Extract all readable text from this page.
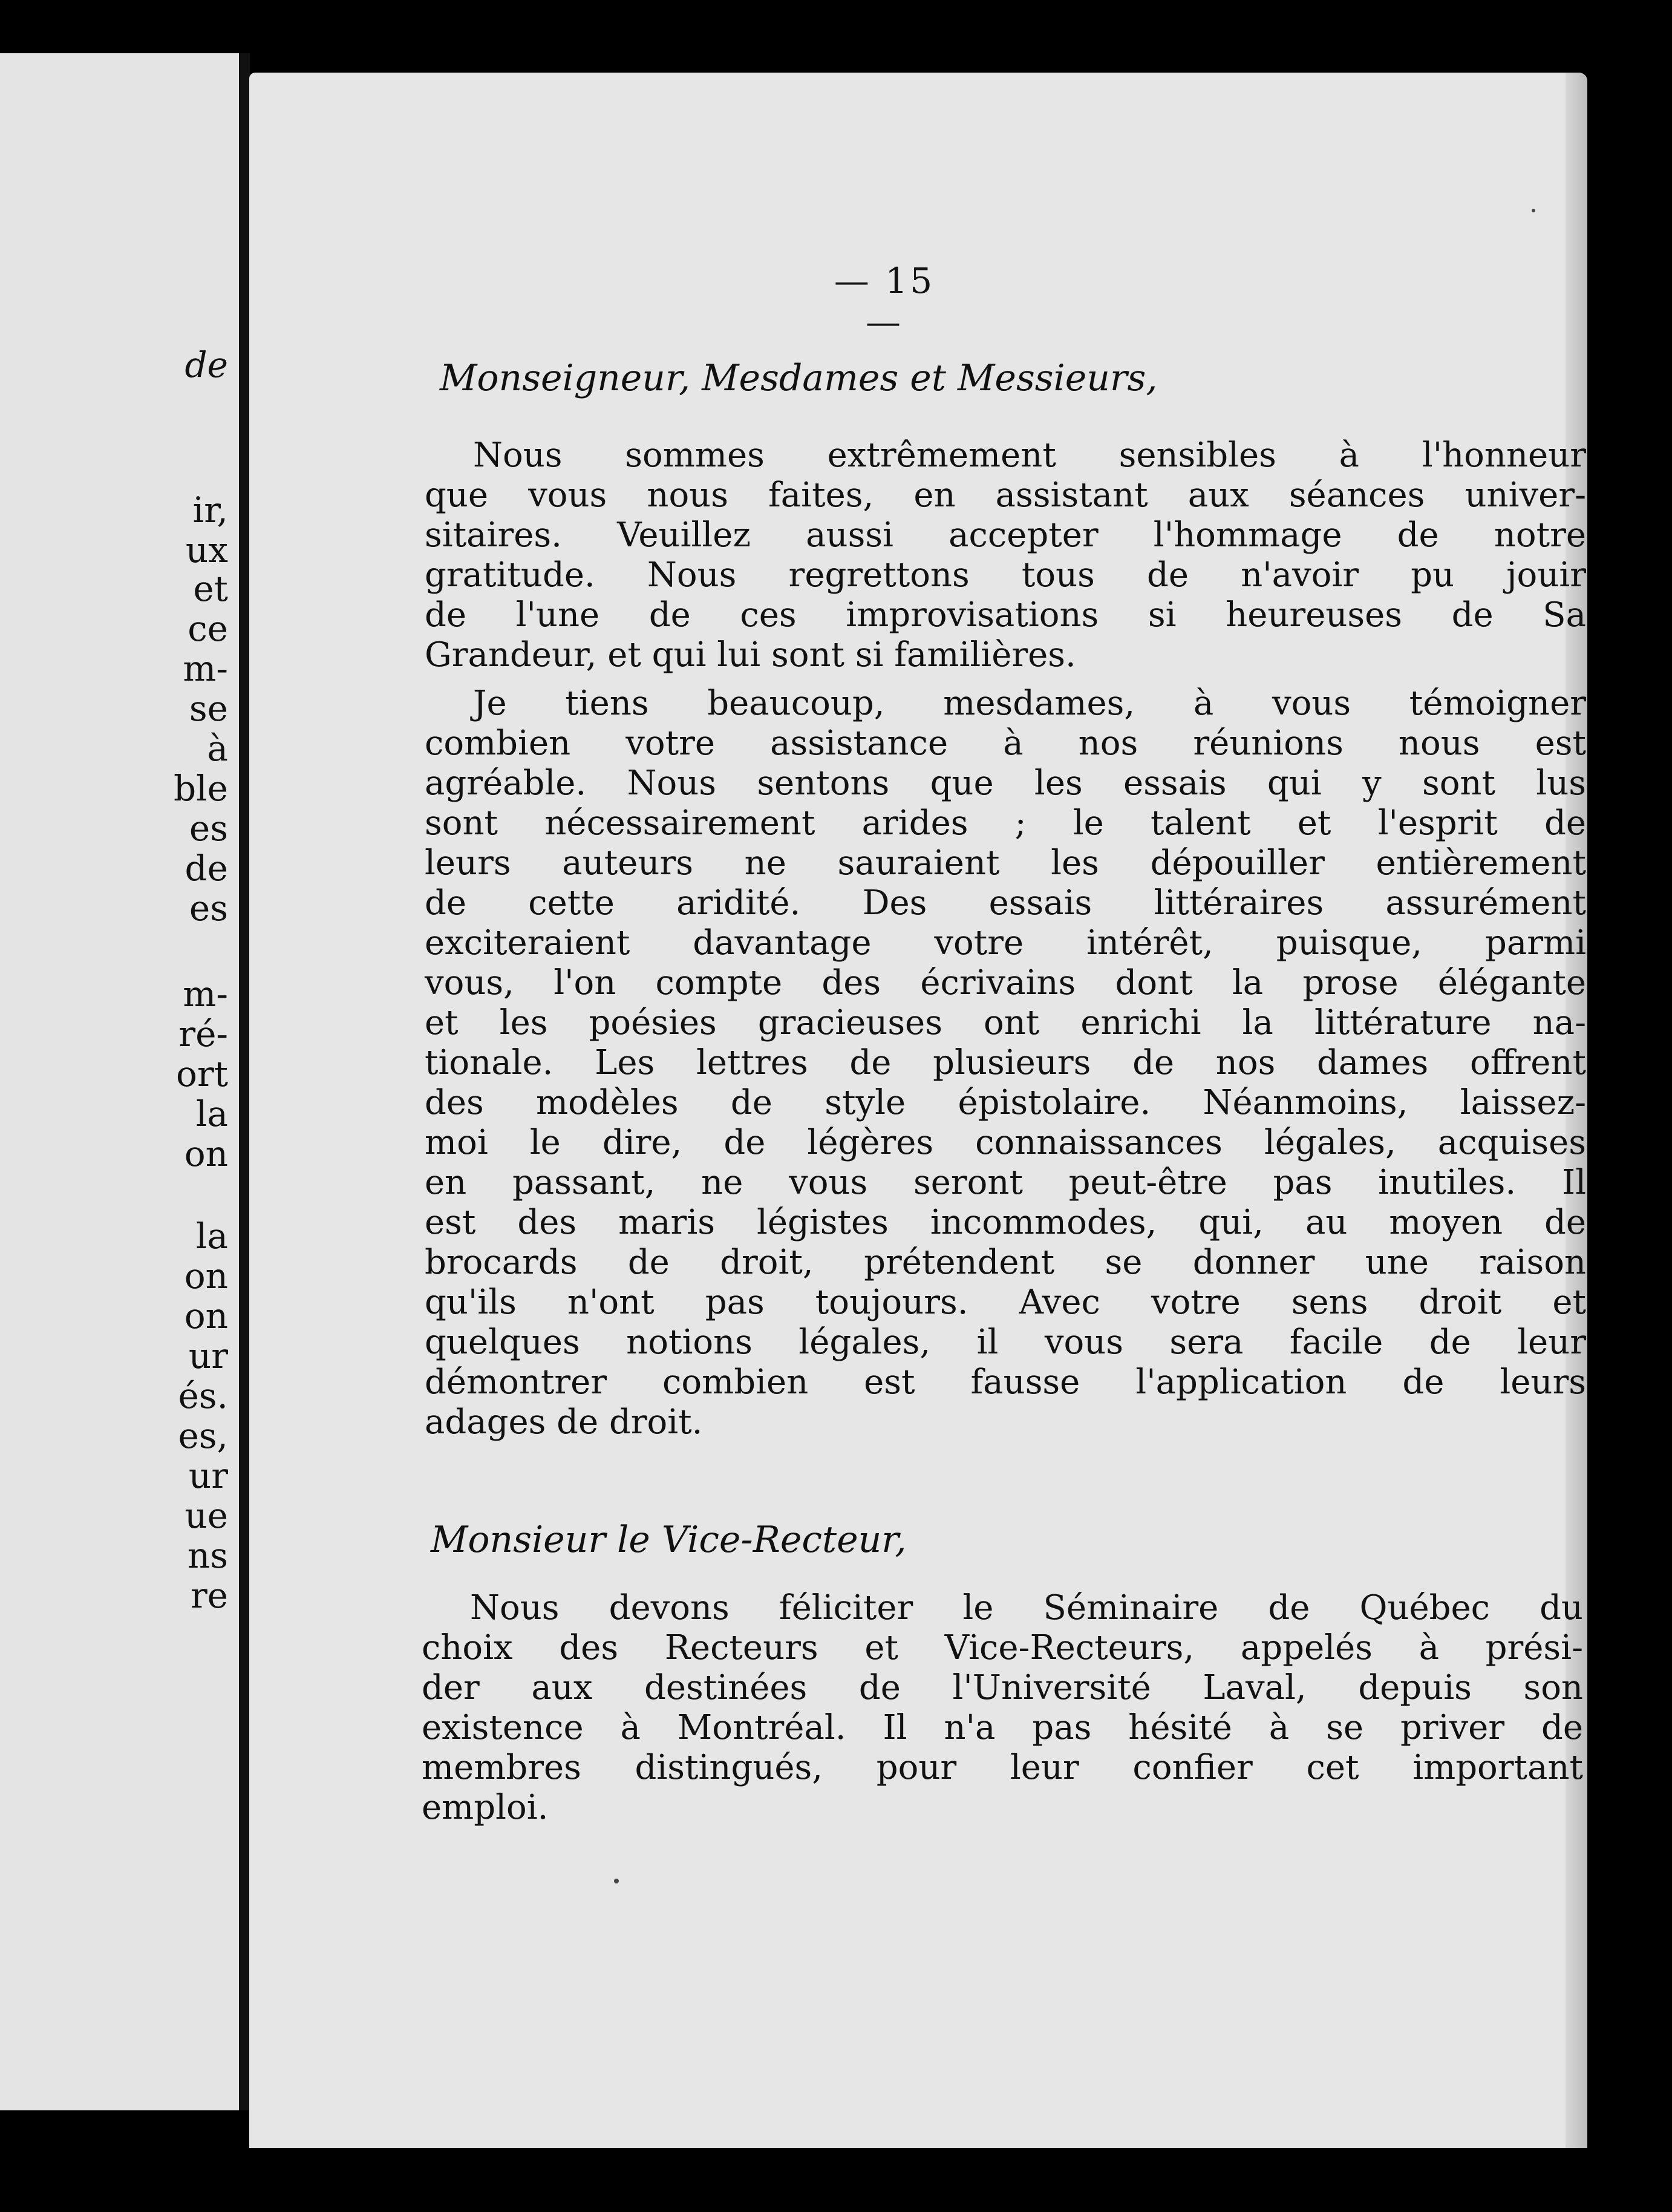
de
ir,
ux
et
ce
m-
se
à
ble
es
de
es
m-
ré-
ort
la
on
la
on
on
ur
és.
es,
ur
ue
ns
re
— 15 —
Monseigneur, Mesdames et Messieurs,
Nous sommes extrêmement sensibles à l'honneur
que vous nous faites, en assistant aux séances univer-
sitaires. Veuillez aussi accepter l'hommage de notre
gratitude. Nous regrettons tous de n'avoir pu jouir
de l'une de ces improvisations si heureuses de Sa
Grandeur, et qui lui sont si familières.
Je tiens beaucoup, mesdames, à vous témoigner
combien votre assistance à nos réunions nous est
agréable. Nous sentons que les essais qui y sont lus
sont nécessairement arides ; le talent et l'esprit de
leurs auteurs ne sauraient les dépouiller entièrement
de cette aridité. Des essais littéraires assurément
exciteraient davantage votre intérêt, puisque, parmi
vous, l'on compte des écrivains dont la prose élégante
et les poésies gracieuses ont enrichi la littérature na-
tionale. Les lettres de plusieurs de nos dames offrent
des modèles de style épistolaire. Néanmoins, laissez-
moi le dire, de légères connaissances légales, acquises
en passant, ne vous seront peut-être pas inutiles. Il
est des maris légistes incommodes, qui, au moyen de
brocards de droit, prétendent se donner une raison
qu'ils n'ont pas toujours. Avec votre sens droit et
quelques notions légales, il vous sera facile de leur
démontrer combien est fausse l'application de leurs
adages de droit.
Monsieur le Vice-Recteur,
Nous devons féliciter le Séminaire de Québec du
choix des Recteurs et Vice-Recteurs, appelés à prési-
der aux destinées de l'Université Laval, depuis son
existence à Montréal. Il n'a pas hésité à se priver de
membres distingués, pour leur confier cet important
emploi.
